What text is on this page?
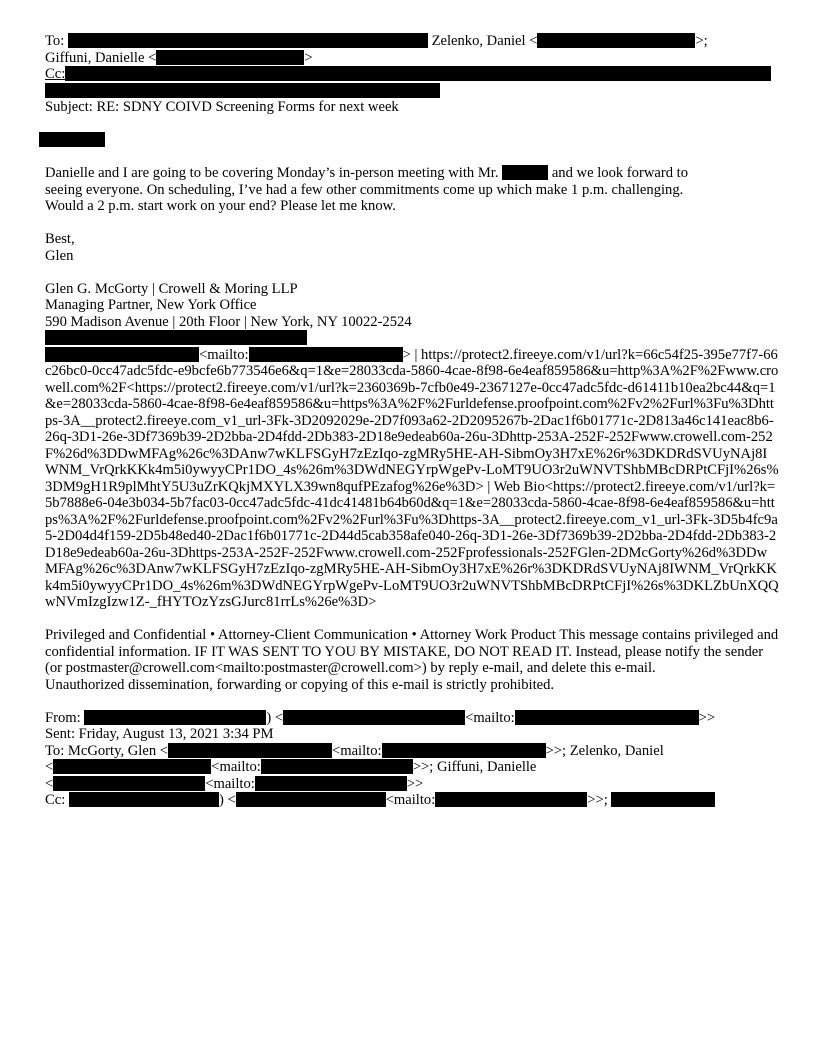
To:	Zelenko, Daniel <	>;
Giffuni, Danielle <	>
Cc:
Subject: RE: SDNY COIVD Screening Forms for next week
Danielle and I are going to be covering Monday’s in-person meeting with Mr.	and we look forward to
seeing everyone. On scheduling, I’ve had a few other commitments come up which make 1 p.m. challenging.
Would a 2 p.m. start work on your end? Please let me know.
Best,
Glen
Glen G. McGorty | Crowell & Moring LLP
Managing Partner, New York Office
590 Madison Avenue | 20th Floor | New York, NY 10022-2524
<mailto:	> | https://protect2.fireeye.com/v1/url?k=66c54f25-395e77f7-66c26bc0-0cc47adc5fdc-e9bcfe6b773546e6&q=1&e=28033cda-5860-4cae-8f98-6e4eaf859586&u=http%3A%2F%2Fwww.crowell.com%2F<https://protect2.fireeye.com/v1/url?k=2360369b-7cfb0e49-2367127e-0cc47adc5fdc-d61411b10ea2bc44&q=1&e=28033cda-5860-4cae-8f98-6e4eaf859586&u=https%3A%2F%2Furldefense.proofpoint.com%2Fv2%2Furl%3Fu%3Dhttps-3A__protect2.fireeye.com_v1_url-3Fk-3D2092029e-2D7f093a62-2D2095267b-2Dac1f6b01771c-2D813a46c141eac8b6-26q-3D1-26e-3Df7369b39-2D2bba-2D4fdd-2Db383-2D18e9edeab60a-26u-3Dhttp-253A-252F-252Fwww.crowell.com-252F%26d%3DDwMFAg%26c%3DAnw7wKLFSGyH7zEzIqo-zgMRy5HE-AH-SibmOy3H7xE%26r%3DKDRdSVUyNAj8IWNM_VrQrkKKk4m5i0ywyyCPr1DO_4s%26m%3DWdNEGYrpWgePv-LoMT9UO3r2uWNVTShbMBcDRPtCFjI%26s%3DM9gH1R9plMhtY5U3uZrKQkjMXYLX39wn8qufPEzafog%26e%3D> | Web Bio<https://protect2.fireeye.com/v1/url?k=5b7888e6-04e3b034-5b7fac03-0cc47adc5fdc-41dc41481b64b60d&q=1&e=28033cda-5860-4cae-8f98-6e4eaf859586&u=https%3A%2F%2Furldefense.proofpoint.com%2Fv2%2Furl%3Fu%3Dhttps-3A__protect2.fireeye.com_v1_url-3Fk-3D5b4fc9a5-2D04d4f159-2D5b48ed40-2Dac1f6b01771c-2D44d5cab358afe040-26q-3D1-26e-3Df7369b39-2D2bba-2D4fdd-2Db383-2D18e9edeab60a-26u-3Dhttps-253A-252F-252Fwww.crowell.com-252Fprofessionals-252FGlen-2DMcGorty%26d%3DDwMFAg%26c%3DAnw7wKLFSGyH7zEzIqo-zgMRy5HE-AH-SibmOy3H7xE%26r%3DKDRdSVUyNAj8IWNM_VrQrkKKk4m5i0ywyyCPr1DO_4s%26m%3DWdNEGYrpWgePv-LoMT9UO3r2uWNVTShbMBcDRPtCFjI%26s%3DKLZbUnXQQwNVmIzgIzw1Z-_fHYTOzYzsGJurc81rrLs%26e%3D>

Privileged and Confidential • Attorney-Client Communication • Attorney Work Product This message contains privileged and confidential information. IF IT WAS SENT TO YOU BY MISTAKE, DO NOT READ IT. Instead, please notify the sender (or postmaster@crowell.com<mailto:postmaster@crowell.com>) by reply e-mail, and delete this e-mail.

Unauthorized dissemination, forwarding or copying of this e-mail is strictly prohibited.

From:	) <	<mailto:	>>
Sent: Friday, August 13, 2021 3:34 PM
To: McGorty, Glen <	<mailto:	>>; Zelenko, Daniel
<	<mailto:	>>; Giffuni, Danielle
<	<mailto:	>>
Cc:	) <	<mailto:	>>;
